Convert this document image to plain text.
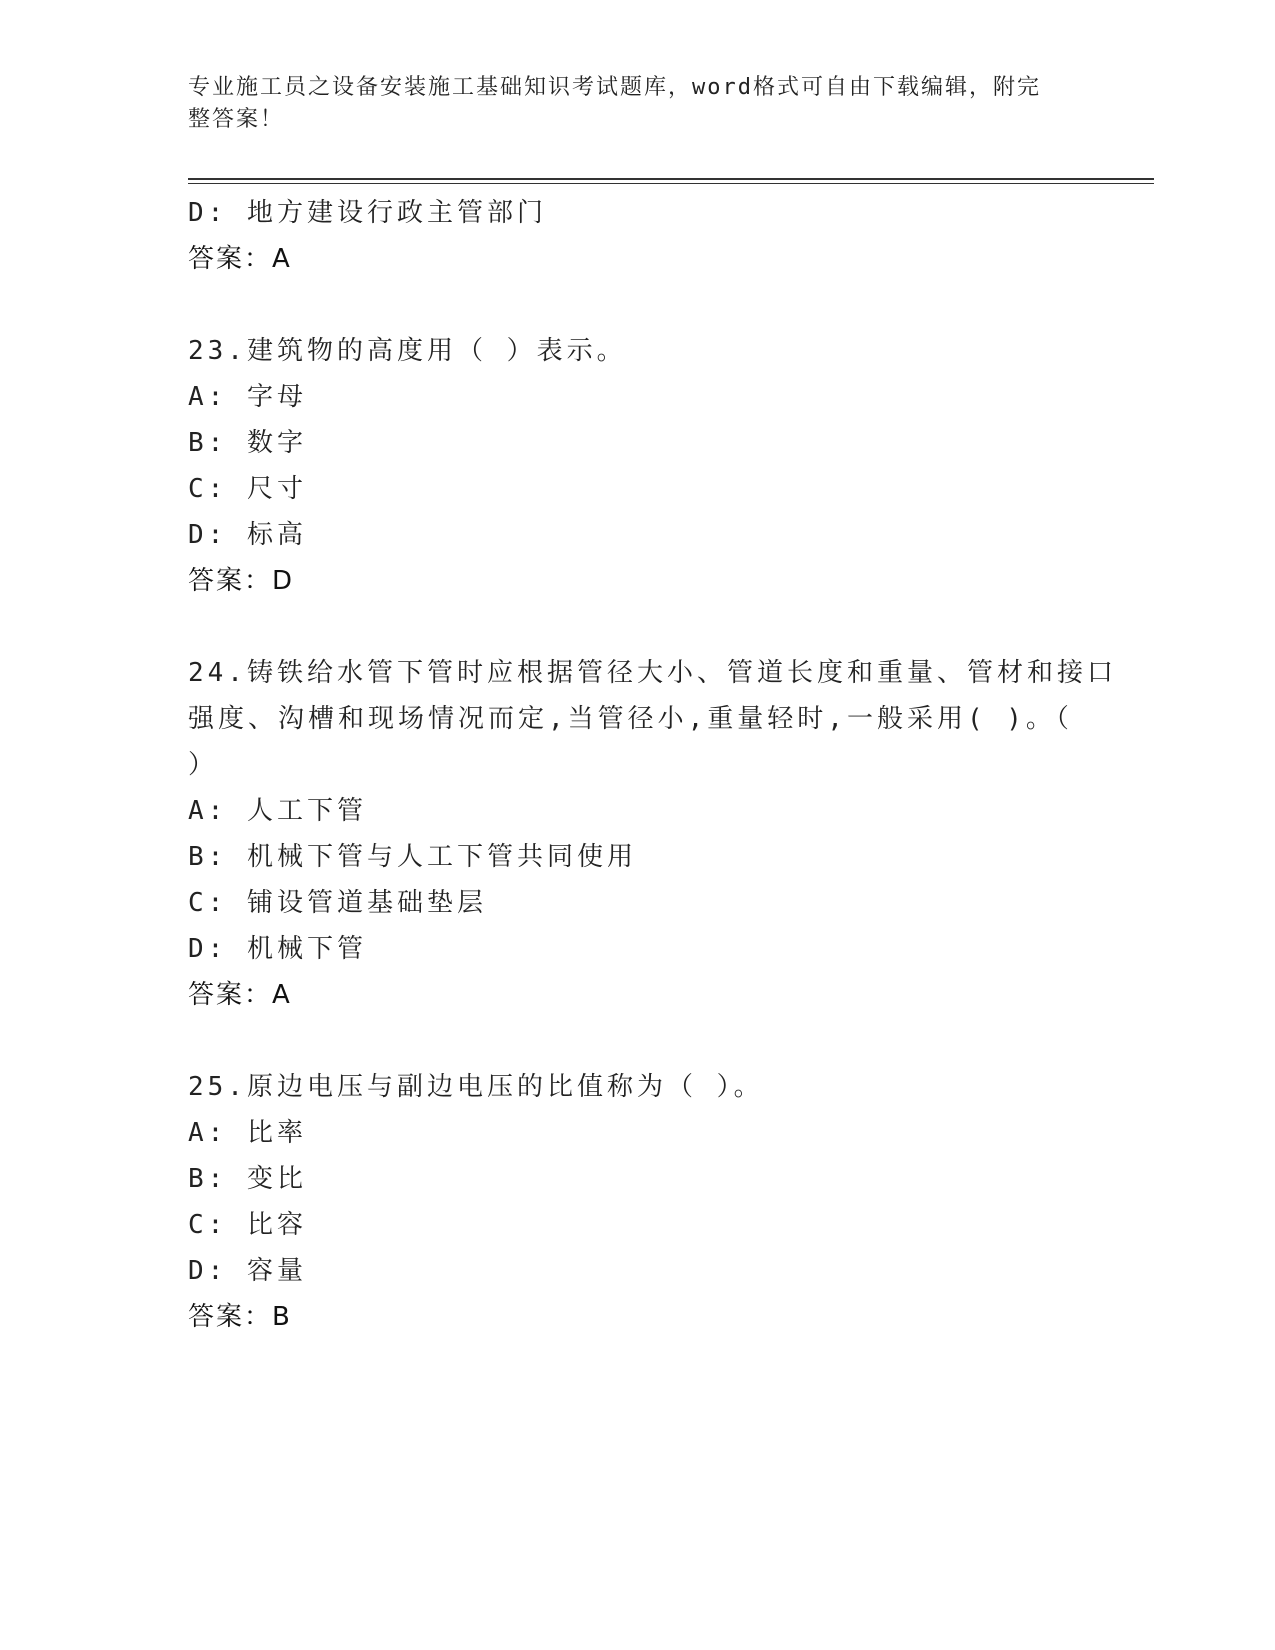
专业施工员之设备安装施工基础知识考试题库，word格式可自由下载编辑，附完
整答案！
D: 地方建设行政主管部门
答案：A
23.建筑物的高度用（ ）表示。
A: 字母
B: 数字
C: 尺寸
D: 标高
答案：D
24.铸铁给水管下管时应根据管径大小、管道长度和重量、管材和接口
强度、沟槽和现场情况而定,当管径小,重量轻时,一般采用( )。（
）
A: 人工下管
B: 机械下管与人工下管共同使用
C: 铺设管道基础垫层
D: 机械下管
答案：A
25.原边电压与副边电压的比值称为（ ）。
A: 比率
B: 变比
C: 比容
D: 容量
答案：B
